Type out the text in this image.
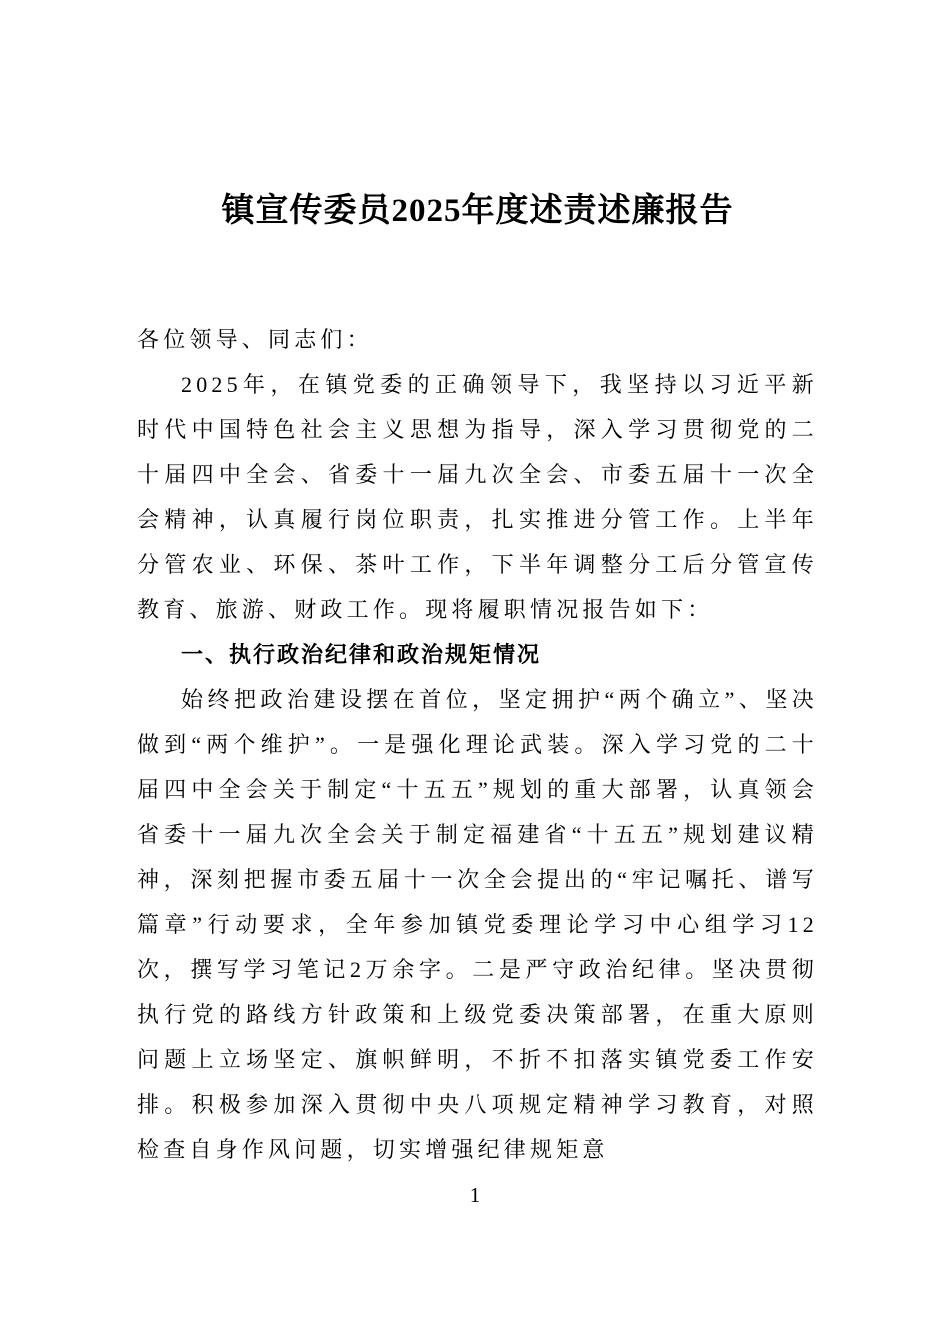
镇宣传委员2025年度述责述廉报告

各位领导、同志们：

2025年，在镇党委的正确领导下，我坚持以习近平新时代中国特色社会主义思想为指导，深入学习贯彻党的二十届四中全会、省委十一届九次全会、市委五届十一次全会精神，认真履行岗位职责，扎实推进分管工作。上半年分管农业、环保、茶叶工作，下半年调整分工后分管宣传教育、旅游、财政工作。现将履职情况报告如下：

一、执行政治纪律和政治规矩情况

始终把政治建设摆在首位，坚定拥护“两个确立”、坚决做到“两个维护”。一是强化理论武装。深入学习党的二十届四中全会关于制定“十五五”规划的重大部署，认真领会省委十一届九次全会关于制定福建省“十五五”规划建议精神，深刻把握市委五届十一次全会提出的“牢记嘱托、谱写篇章”行动要求，全年参加镇党委理论学习中心组学习12次，撰写学习笔记2万余字。二是严守政治纪律。坚决贯彻执行党的路线方针政策和上级党委决策部署，在重大原则问题上立场坚定、旗帜鲜明，不折不扣落实镇党委工作安排。积极参加深入贯彻中央八项规定精神学习教育，对照检查自身作风问题，切实增强纪律规矩意

1
